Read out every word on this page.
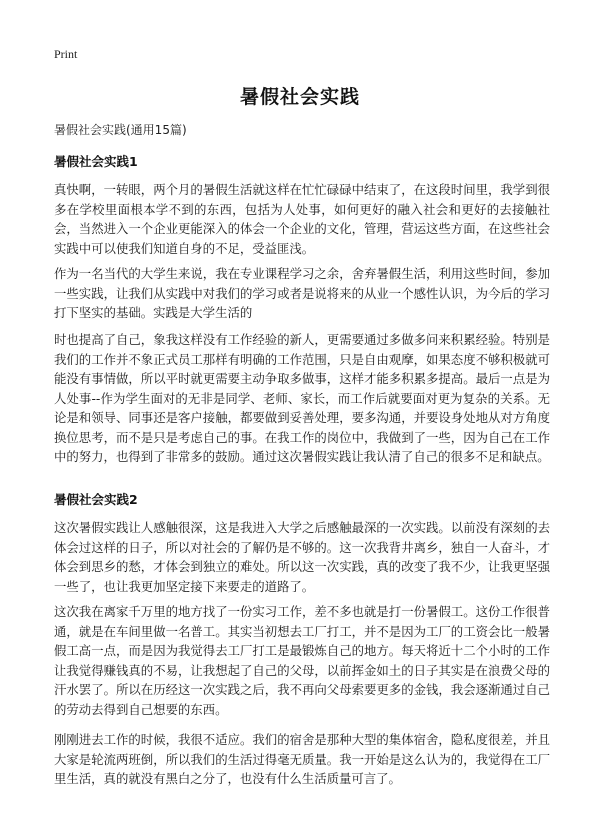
Print
暑假社会实践
暑假社会实践(通用15篇)
暑假社会实践1

真快啊，一转眼，两个月的暑假生活就这样在忙忙碌碌中结束了，在这段时间里，我学到很多在学校里面根本学不到的东西，包括为人处事，如何更好的融入社会和更好的去接触社会，当然进入一个企业更能深入的体会一个企业的文化，管理，营运这些方面，在这些社会实践中可以使我们知道自身的不足，受益匪浅。

作为一名当代的大学生来说，我在专业课程学习之余，舍弃暑假生活，利用这些时间，参加一些实践，让我们从实践中对我们的学习或者是说将来的从业一个感性认识，为今后的学习打下坚实的基础。实践是大学生活的

时也提高了自己，象我这样没有工作经验的新人，更需要通过多做多问来积累经验。特别是我们的工作并不象正式员工那样有明确的工作范围，只是自由观摩，如果态度不够积极就可能没有事情做，所以平时就更需要主动争取多做事，这样才能多积累多提高。最后一点是为人处事--作为学生面对的无非是同学、老师、家长，而工作后就要面对更为复杂的关系。无论是和领导、同事还是客户接触，都要做到妥善处理，要多沟通，并要设身处地从对方角度换位思考，而不是只是考虑自己的事。在我工作的岗位中，我做到了一些，因为自己在工作中的努力，也得到了非常多的鼓励。通过这次暑假实践让我认清了自己的很多不足和缺点。

暑假社会实践2

这次暑假实践让人感触很深，这是我进入大学之后感触最深的一次实践。以前没有深刻的去体会过这样的日子，所以对社会的了解仍是不够的。这一次我背井离乡，独自一人奋斗，才体会到思乡的愁，才体会到独立的难处。所以这一次实践，真的改变了我不少，让我更坚强一些了，也让我更加坚定接下来要走的道路了。

这次我在离家千万里的地方找了一份实习工作，差不多也就是打一份暑假工。这份工作很普通，就是在车间里做一名普工。其实当初想去工厂打工，并不是因为工厂的工资会比一般暑假工高一点，而是因为我觉得去工厂打工是最锻炼自己的地方。每天将近十二个小时的工作让我觉得赚钱真的不易，让我想起了自己的父母，以前挥金如土的日子其实是在浪费父母的汗水罢了。所以在历经这一次实践之后，我不再向父母索要更多的金钱，我会逐渐通过自己的劳动去得到自己想要的东西。

刚刚进去工作的时候，我很不适应。我们的宿舍是那种大型的集体宿舍，隐私度很差，并且大家是轮流两班倒，所以我们的生活过得毫无质量。我一开始是这么认为的，我觉得在工厂里生活，真的就没有黑白之分了，也没有什么生活质量可言了。
